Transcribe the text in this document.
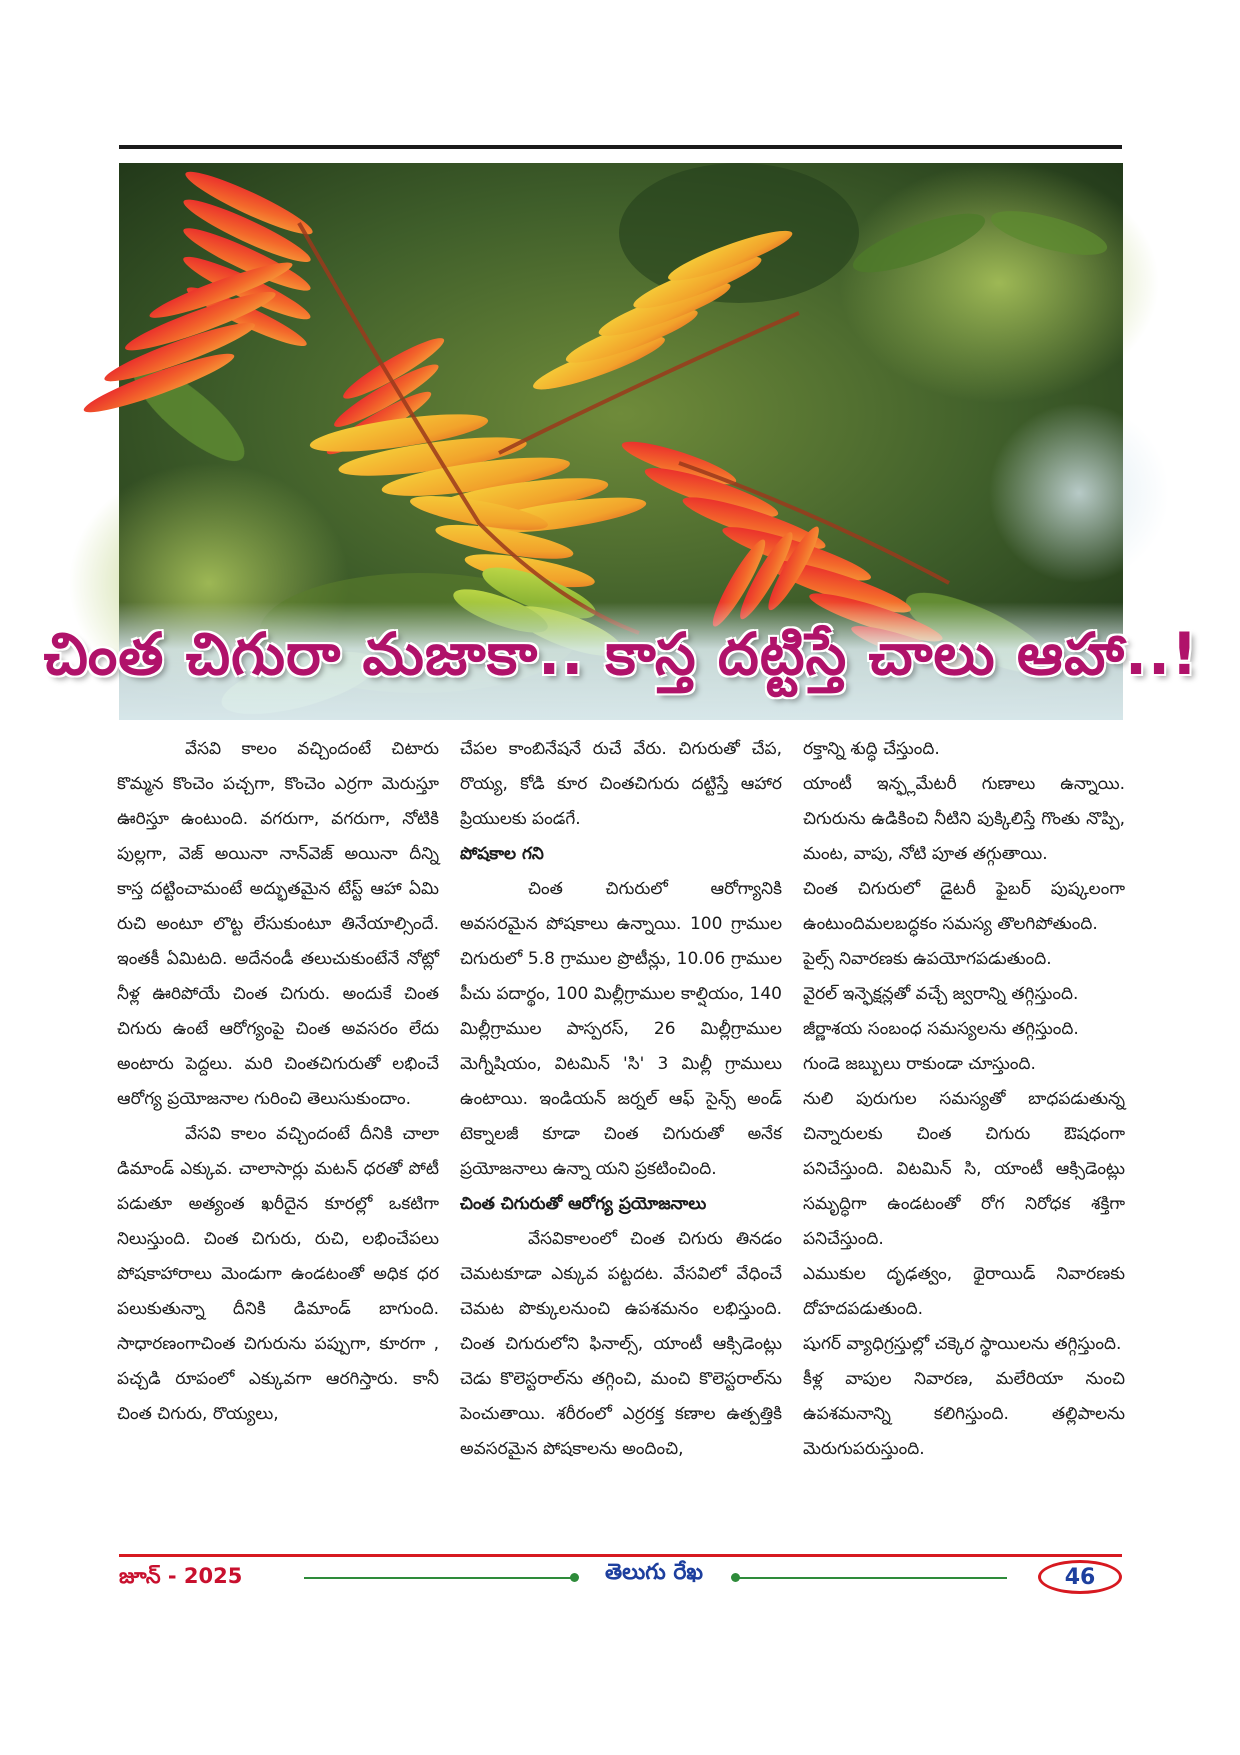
చింత చిగురా మజాకా.. కాస్త దట్టిస్తే చాలు ఆహా..!

వేసవి కాలం వచ్చిందంటే చిటారు కొమ్మన కొంచెం పచ్చగా, కొంచెం ఎర్రగా మెరుస్తూ ఊరిస్తూ ఉంటుంది. వగరుగా, వగరుగా, నోటికి పుల్లగా, వెజ్ అయినా నాన్‌వెజ్ అయినా దీన్ని కాస్త దట్టించామంటే అద్భుతమైన టేస్ట్ ఆహా ఏమి రుచి అంటూ లొట్ట లేసుకుంటూ తినేయాల్సిందే. ఇంతకీ ఏమిటది. అదేనండీ తలుచుకుంటేనే నోట్లో నీళ్ల ఊరిపోయే చింత చిగురు. అందుకే చింత చిగురు ఉంటే ఆరోగ్యంపై చింత అవసరం లేదు అంటారు పెద్దలు. మరి చింతచిగురుతో లభించే ఆరోగ్య ప్రయోజనాల గురించి తెలుసుకుందాం.

వేసవి కాలం వచ్చిందంటే దీనికి చాలా డిమాండ్ ఎక్కువ. చాలాసార్లు మటన్ ధరతో పోటీ పడుతూ అత్యంత ఖరీదైన కూరల్లో ఒకటిగా నిలుస్తుంది. చింత చిగురు, రుచి, లభించేపలు పోషకాహారాలు మెండుగా ఉండటంతో అధిక ధర పలుకుతున్నా దీనికి డిమాండ్ బాగుంది. సాధారణంగాచింత చిగురును పప్పుగా, కూరగా , పచ్చడి రూపంలో ఎక్కువగా ఆరగిస్తారు. కానీ చింత చిగురు, రొయ్యలు,

చేపల కాంబినేషనే రుచే వేరు. చిగురుతో చేప, రొయ్య, కోడి కూర చింతచిగురు దట్టిస్తే ఆహార ప్రియులకు పండగే.

పోషకాల గని

చింత చిగురులో ఆరోగ్యానికి అవసరమైన పోషకాలు ఉన్నాయి. 100 గ్రాముల చిగురులో 5.8 గ్రాముల ప్రొటీన్లు, 10.06 గ్రాముల పీచు పదార్థం, 100 మిల్లీగ్రాముల కాల్షియం, 140 మిల్లీగ్రాముల పాస్పరస్, 26 మిల్లీగ్రాముల మెగ్నీషియం, విటమిన్ 'సి' 3 మిల్లీ గ్రాములు ఉంటాయి. ఇండియన్ జర్నల్ ఆఫ్ సైన్స్ అండ్ టెక్నాలజీ కూడా చింత చిగురుతో అనేక ప్రయోజనాలు ఉన్నా యని ప్రకటించింది.

చింత చిగురుతో ఆరోగ్య ప్రయోజనాలు

వేసవికాలంలో చింత చిగురు తినడం చెమటకూడా ఎక్కువ పట్టదట. వేసవిలో వేధించే చెమట పొక్కులనుంచి ఉపశమనం లభిస్తుంది. చింత చిగురులోని ఫినాల్స్, యాంటీ ఆక్సిడెంట్లు చెడు కొలెస్టరాల్‌ను తగ్గించి, మంచి కొలెస్టరాల్‌ను పెంచుతాయి. శరీరంలో ఎర్రరక్త కణాల ఉత్పత్తికి అవసరమైన పోషకాలను అందించి,

రక్తాన్ని శుద్ధి చేస్తుంది.

యాంటీ ఇన్ఫ్లమేటరీ గుణాలు ఉన్నాయి. చిగురును ఉడికించి నీటిని పుక్కిలిస్తే గొంతు నొప్పి, మంట, వాపు, నోటి పూత తగ్గుతాయి.

చింత చిగురులో డైటరీ ఫైబర్ పుష్కలంగా ఉంటుందిమలబద్ధకం సమస్య తొలగిపోతుంది.

పైల్స్ నివారణకు ఉపయోగపడుతుంది.

వైరల్ ఇన్ఫెక్షన్లతో వచ్చే జ్వరాన్ని తగ్గిస్తుంది.

జీర్ణాశయ సంబంధ సమస్యలను తగ్గిస్తుంది.

గుండె జబ్బులు రాకుండా చూస్తుంది.

నులి పురుగుల సమస్యతో బాధపడుతున్న చిన్నారులకు చింత చిగురు ఔషధంగా పనిచేస్తుంది. విటమిన్ సి, యాంటీ ఆక్సిడెంట్లు సమృద్ధిగా ఉండటంతో రోగ నిరోధక శక్తిగా పనిచేస్తుంది.

ఎముకుల దృఢత్వం, థైరాయిడ్ నివారణకు దోహదపడుతుంది.

షుగర్ వ్యాధిగ్రస్తుల్లో చక్కెర స్థాయిలను తగ్గిస్తుంది.

కీళ్ల వాపుల నివారణ, మలేరియా నుంచి ఉపశమనాన్ని కలిగిస్తుంది. తల్లిపాలను మెరుగుపరుస్తుంది.

జూన్ - 2025	తెలుగు రేఖ	46
